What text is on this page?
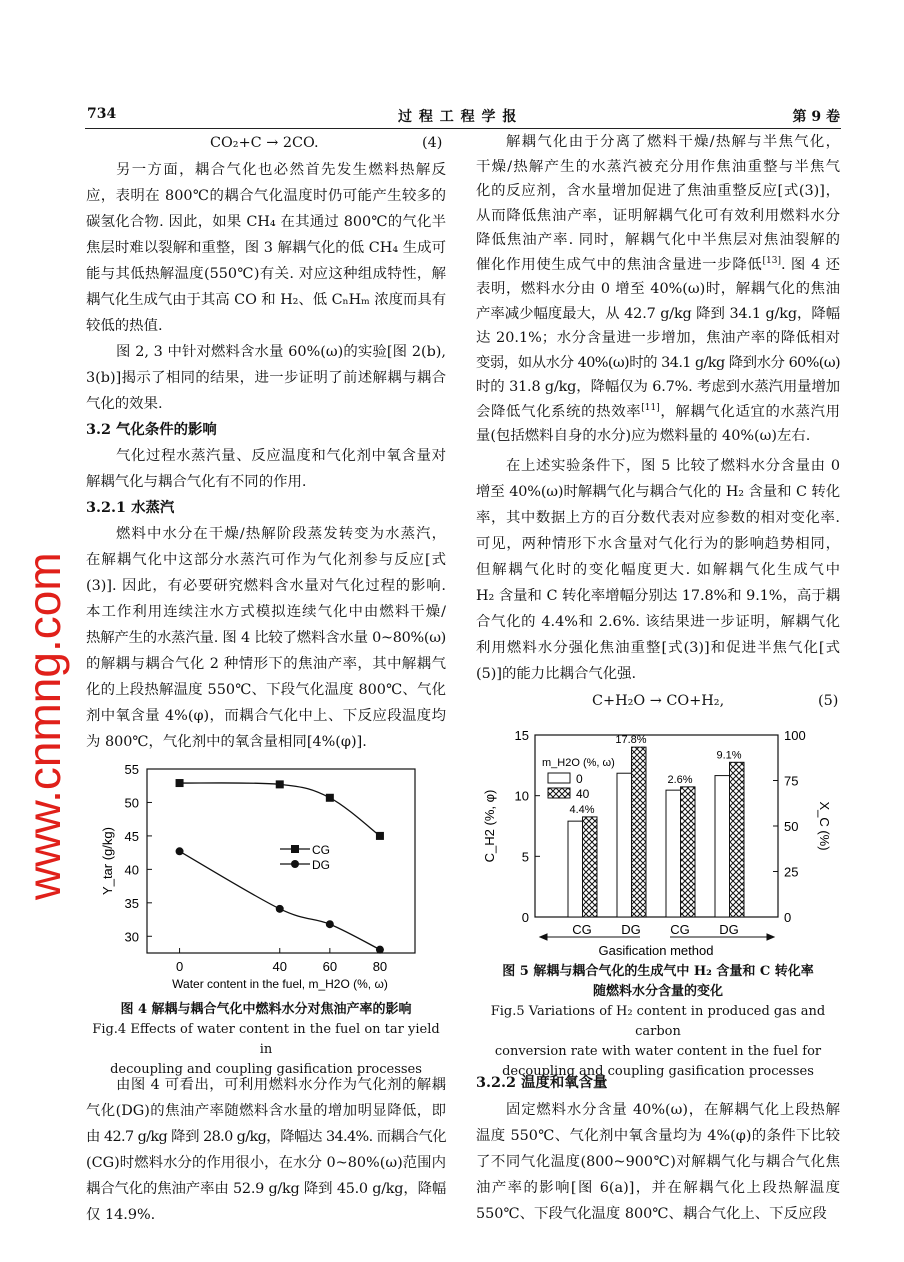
734	过 程 工 程 学 报	第 9 卷
CO₂+C → 2CO.	(4)
另一方面，耦合气化也必然首先发生燃料热解反
应，表明在 800℃的耦合气化温度时仍可能产生较多的
碳氢化合物. 因此，如果 CH₄ 在其通过 800℃的气化半
焦层时难以裂解和重整，图 3 解耦气化的低 CH₄ 生成可
能与其低热解温度(550℃)有关. 对应这种组成特性，解
耦气化生成气由于其高 CO 和 H₂、低 CₙHₘ 浓度而具有
较低的热值.
图 2, 3 中针对燃料含水量 60%(ω)的实验[图 2(b),
3(b)]揭示了相同的结果，进一步证明了前述解耦与耦合
气化的效果.
3.2 气化条件的影响
气化过程水蒸汽量、反应温度和气化剂中氧含量对
解耦气化与耦合气化有不同的作用.
3.2.1 水蒸汽
燃料中水分在干燥/热解阶段蒸发转变为水蒸汽，
在解耦气化中这部分水蒸汽可作为气化剂参与反应[式
(3)]. 因此，有必要研究燃料含水量对气化过程的影响.
本工作利用连续注水方式模拟连续气化中由燃料干燥/
热解产生的水蒸汽量. 图 4 比较了燃料含水量 0~80%(ω)
的解耦与耦合气化 2 种情形下的焦油产率，其中解耦气
化的上段热解温度 550℃、下段气化温度 800℃、气化
剂中氧含量 4%(φ)，而耦合气化中上、下反应段温度均
为 800℃，气化剂中的氧含量相同[4%(φ)].
30
35
40
45
50
55
0	40	60	80
Water content in the fuel, m_H2O (%, ω)
Y_tar (g/kg)	CG
DG
图 4 解耦与耦合气化中燃料水分对焦油产率的影响
Fig.4 Effects of water content in the fuel on tar yield in
decoupling and coupling gasification processes
由图 4 可看出，可利用燃料水分作为气化剂的解耦
气化(DG)的焦油产率随燃料含水量的增加明显降低，即
由 42.7 g/kg 降到 28.0 g/kg，降幅达 34.4%. 而耦合气化
(CG)时燃料水分的作用很小，在水分 0~80%(ω)范围内
耦合气化的焦油产率由 52.9 g/kg 降到 45.0 g/kg，降幅
仅 14.9%.
解耦气化由于分离了燃料干燥/热解与半焦气化，
干燥/热解产生的水蒸汽被充分用作焦油重整与半焦气
化的反应剂，含水量增加促进了焦油重整反应[式(3)]，
从而降低焦油产率，证明解耦气化可有效利用燃料水分
降低焦油产率. 同时，解耦气化中半焦层对焦油裂解的
催化作用使生成气中的焦油含量进一步降低[13]. 图 4 还
表明，燃料水分由 0 增至 40%(ω)时，解耦气化的焦油
产率减少幅度最大，从 42.7 g/kg 降到 34.1 g/kg，降幅
达 20.1%；水分含量进一步增加，焦油产率的降低相对
变弱，如从水分 40%(ω)时的 34.1 g/kg 降到水分 60%(ω)
时的 31.8 g/kg，降幅仅为 6.7%. 考虑到水蒸汽用量增加
会降低气化系统的热效率[11]，解耦气化适宜的水蒸汽用
量(包括燃料自身的水分)应为燃料量的 40%(ω)左右.
在上述实验条件下，图 5 比较了燃料水分含量由 0
增至 40%(ω)时解耦气化与耦合气化的 H₂ 含量和 C 转化
率，其中数据上方的百分数代表对应参数的相对变化率.
可见，两种情形下水含量对气化行为的影响趋势相同，
但解耦气化时的变化幅度更大. 如解耦气化生成气中
H₂ 含量和 C 转化率增幅分别达 17.8%和 9.1%，高于耦
合气化的 4.4%和 2.6%. 该结果进一步证明，解耦气化
利用燃料水分强化焦油重整[式(3)]和促进半焦气化[式
(5)]的能力比耦合气化强.
C+H₂O → CO+H₂,	(5)
0
5
10
15
0
25
50
75
100
4.4%
CG
17.8%
DG
2.6%
CG
9.1%
DG
Gasification method
C_H2 (%, φ)	X_C (%)
m_H2O (%, ω)
0
40
图 5 解耦与耦合气化的生成气中 H₂ 含量和 C 转化率
随燃料水分含量的变化
Fig.5 Variations of H₂ content in produced gas and carbon
conversion rate with water content in the fuel for
decoupling and coupling gasification processes
3.2.2 温度和氧含量
固定燃料水分含量 40%(ω)，在解耦气化上段热解
温度 550℃、气化剂中氧含量均为 4%(φ)的条件下比较
了不同气化温度(800~900℃)对解耦气化与耦合气化焦
油产率的影响[图 6(a)]，并在解耦气化上段热解温度
550℃、下段气化温度 800℃、耦合气化上、下反应段
www.cnmng.com
